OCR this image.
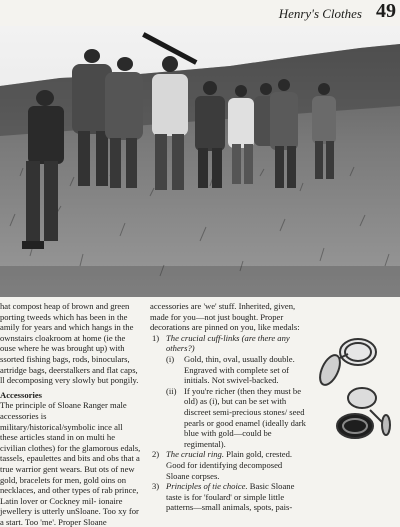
Henry's Clothes 49

hat compost heap of brown and green porting tweeds which has been in the amily for years and which hangs in the ownstairs cloakroom at home (ie the ouse where he was brought up) with ssorted fishing bags, rods, binoculars, artridge bags, deerstalkers and flat caps, ll decomposing very slowly but pongily.

Accessories

The principle of Sloane Ranger male accessories is military/historical/symbolic ince all these articles stand in on multi he civilian clothes) for the glamorous edals, tassels, epaulettes and bits and obs that a true warrior gent wears. But ots of new gold, bracelets for men, gold oins on necklaces, and other types of rab prince, Latin lover or Cockney mil- ionaire jewellery is utterly unSloane. Too xy for a start. Too 'me'. Proper Sloane

accessories are 'we' stuff. Inherited, given, made for you—not just bought. Proper decorations are pinned on you, like medals:

1) The crucial cuff-links (are there any others?)

(i) Gold, thin, oval, usually double. Engraved with complete set of initials. Not swivel-backed.

(ii) If you're richer (then they must be old) as (i), but can be set with discreet semi-precious stones/ seed pearls or good enamel (ideally dark blue with gold—could be regimental).

2) The crucial ring. Plain gold, crested. Good for identifying decomposed Sloane corpses.

3) Principles of tie choice. Basic Sloane taste is for 'foulard' or simple little patterns—small animals, spots, pais-
